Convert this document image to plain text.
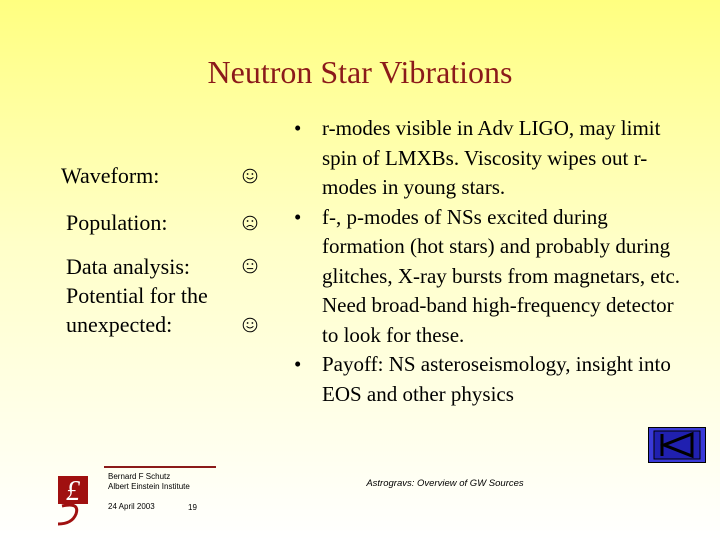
Neutron Star Vibrations
Waveform:
Population:
Data analysis:
Potential for the
unexpected:
• r-modes visible in Adv LIGO, may limit spin of LMXBs. Viscosity wipes out r-modes in young stars.
• f-, p-modes of NSs excited during formation (hot stars) and probably during glitches, X-ray bursts from magnetars, etc. Need broad-band high-frequency detector to look for these.
• Payoff: NS asteroseismology, insight into EOS and other physics
£	Bernard F Schutz
Albert Einstein Institute
24 April 2003	19
Astrogravs: Overview of GW Sources
